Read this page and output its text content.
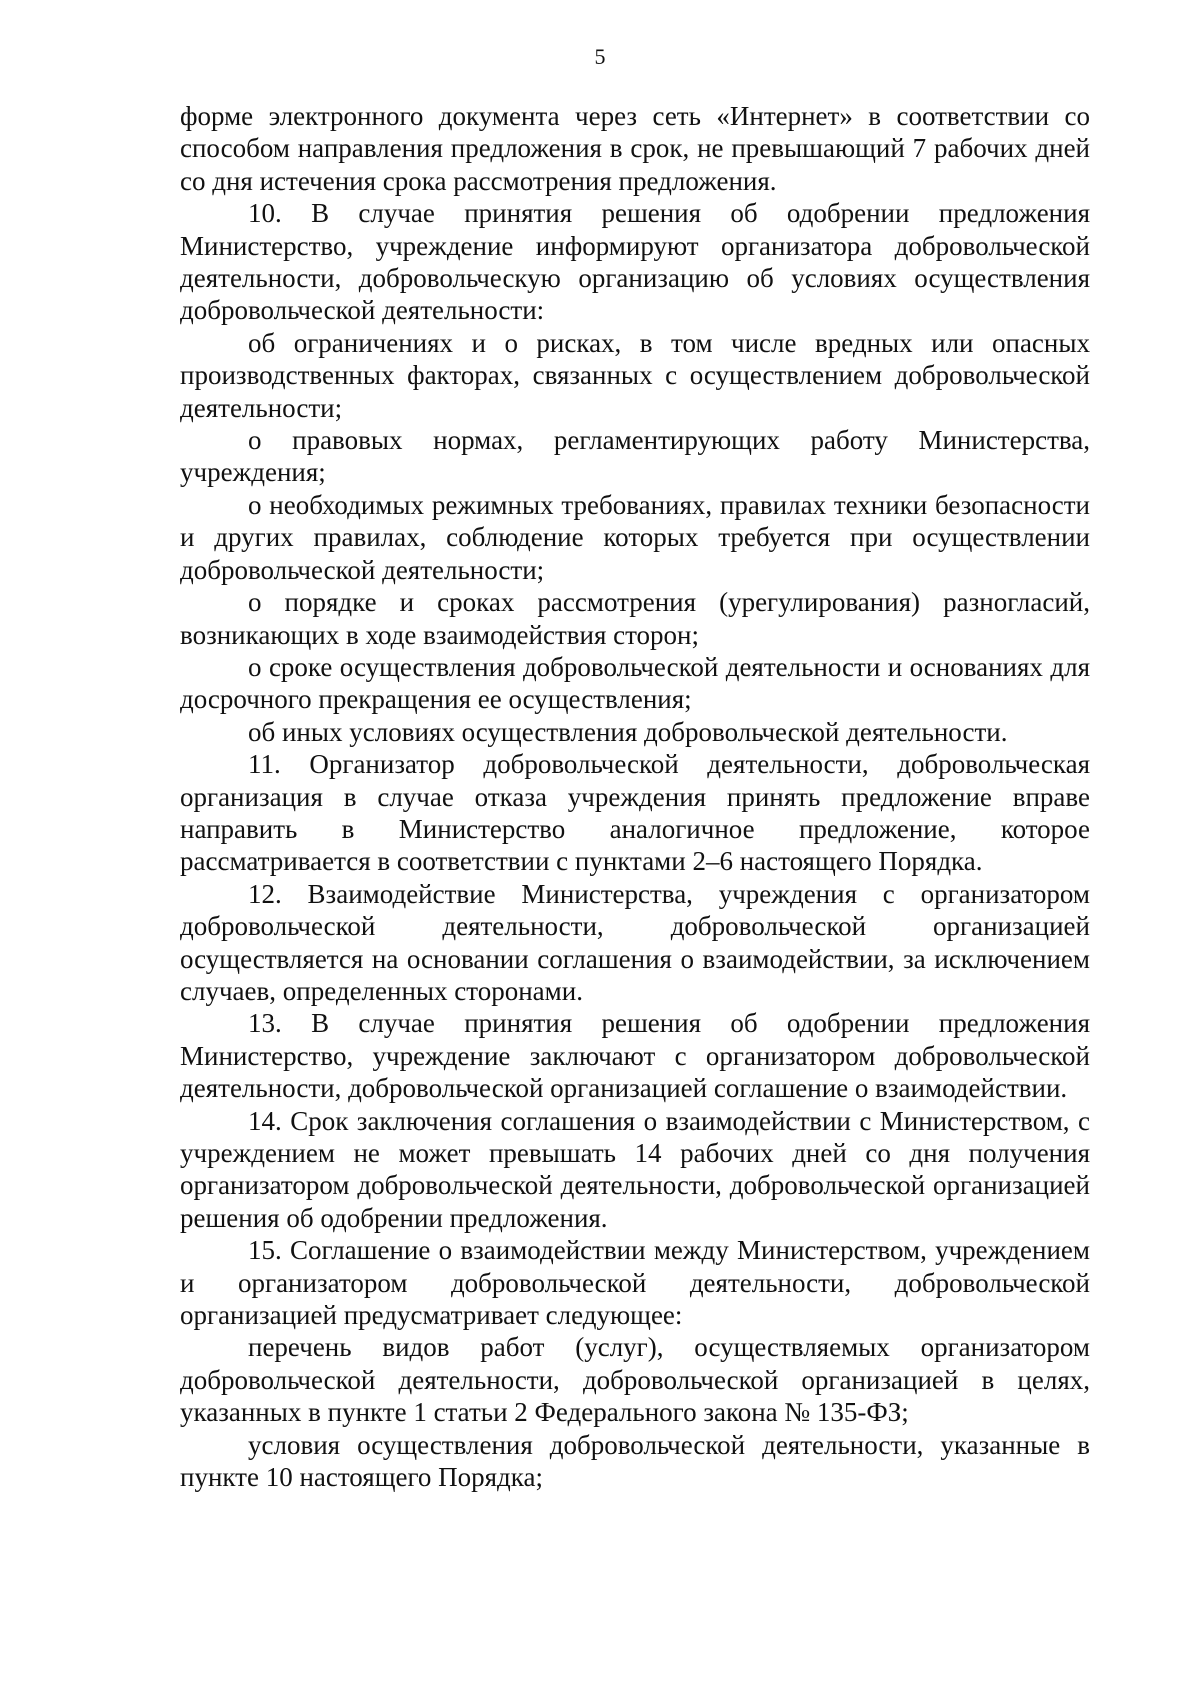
5

форме электронного документа через сеть «Интернет» в соответствии со способом направления предложения в срок, не превышающий 7 рабочих дней со дня истечения срока рассмотрения предложения.

10. В случае принятия решения об одобрении предложения Министерство, учреждение информируют организатора добровольческой деятельности, добровольческую организацию об условиях осуществления добровольческой деятельности:

об ограничениях и о рисках, в том числе вредных или опасных производственных факторах, связанных с осуществлением добровольческой деятельности;

о правовых нормах, регламентирующих работу Министерства, учреждения;

о необходимых режимных требованиях, правилах техники безопасности и других правилах, соблюдение которых требуется при осуществлении добровольческой деятельности;

о порядке и сроках рассмотрения (урегулирования) разногласий, возникающих в ходе взаимодействия сторон;

о сроке осуществления добровольческой деятельности и основаниях для досрочного прекращения ее осуществления;

об иных условиях осуществления добровольческой деятельности.

11. Организатор добровольческой деятельности, добровольческая организация в случае отказа учреждения принять предложение вправе направить в Министерство аналогичное предложение, которое рассматривается в соответствии с пунктами 2–6 настоящего Порядка.

12. Взаимодействие Министерства, учреждения с организатором добровольческой деятельности, добровольческой организацией осуществляется на основании соглашения о взаимодействии, за исключением случаев, определенных сторонами.

13. В случае принятия решения об одобрении предложения Министерство, учреждение заключают с организатором добровольческой деятельности, добровольческой организацией соглашение о взаимодействии.

14. Срок заключения соглашения о взаимодействии с Министерством, с учреждением не может превышать 14 рабочих дней со дня получения организатором добровольческой деятельности, добровольческой организацией решения об одобрении предложения.

15. Соглашение о взаимодействии между Министерством, учреждением и организатором добровольческой деятельности, добровольческой организацией предусматривает следующее:

перечень видов работ (услуг), осуществляемых организатором добровольческой деятельности, добровольческой организацией в целях, указанных в пункте 1 статьи 2 Федерального закона № 135-ФЗ;

условия осуществления добровольческой деятельности, указанные в пункте 10 настоящего Порядка;
